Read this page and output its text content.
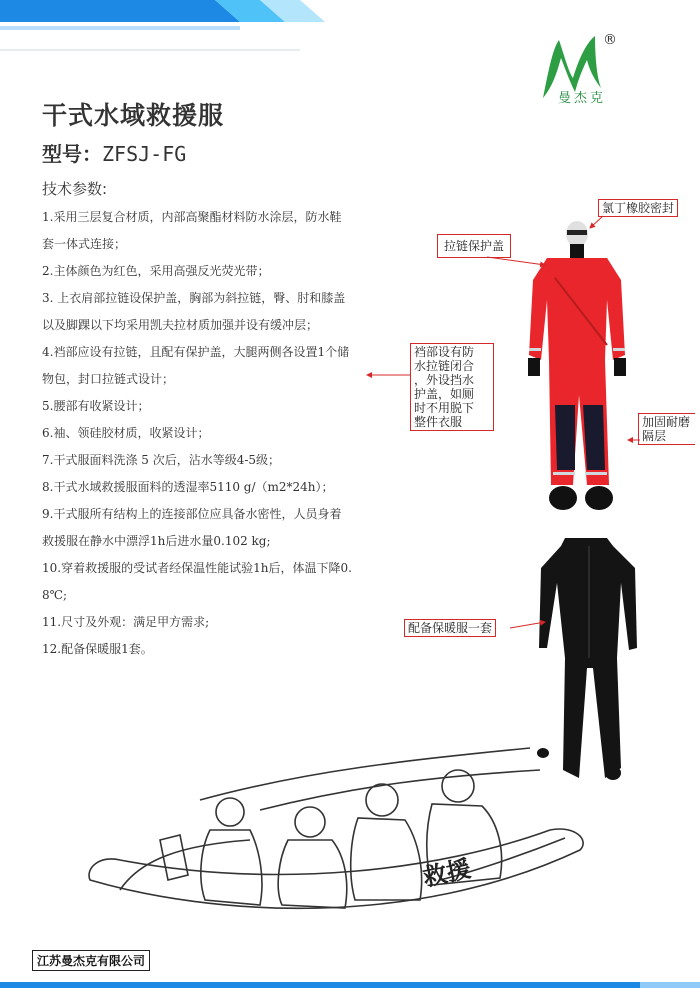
®
曼杰克
干式水域救援服
型号：ZFSJ-FG
技术参数:
1.采用三层复合材质，内部高聚酯材料防水涂层，防水鞋
套一体式连接；
2.主体颜色为红色，采用高强反光荧光带；
3. 上衣肩部拉链设保护盖，胸部为斜拉链，臀、肘和膝盖
以及脚踝以下均采用凯夫拉材质加强并设有缓冲层；
4.裆部应设有拉链，且配有保护盖，大腿两侧各设置1个储
物包，封口拉链式设计；
5.腰部有收紧设计；
6.袖、领硅胶材质，收紧设计；
7.干式服面料洗涤 5 次后，沾水等级4-5级；
8.干式水域救援服面料的透湿率5110 g/（m2*24h）；
9.干式服所有结构上的连接部位应具备水密性，人员身着
救援服在静水中漂浮1h后进水量0.102 kg;
10.穿着救援服的受试者经保温性能试验1h后，体温下降0.
8℃;
11.尺寸及外观：满足甲方需求;
12.配备保暖服1套。
氯丁橡胶密封
拉链保护盖
裆部设有防
水拉链闭合
，外设挡水
护盖，如厕
时不用脱下
整件衣服	加固耐磨
隔层
配备保暖服一套
救援
江苏曼杰克有限公司
